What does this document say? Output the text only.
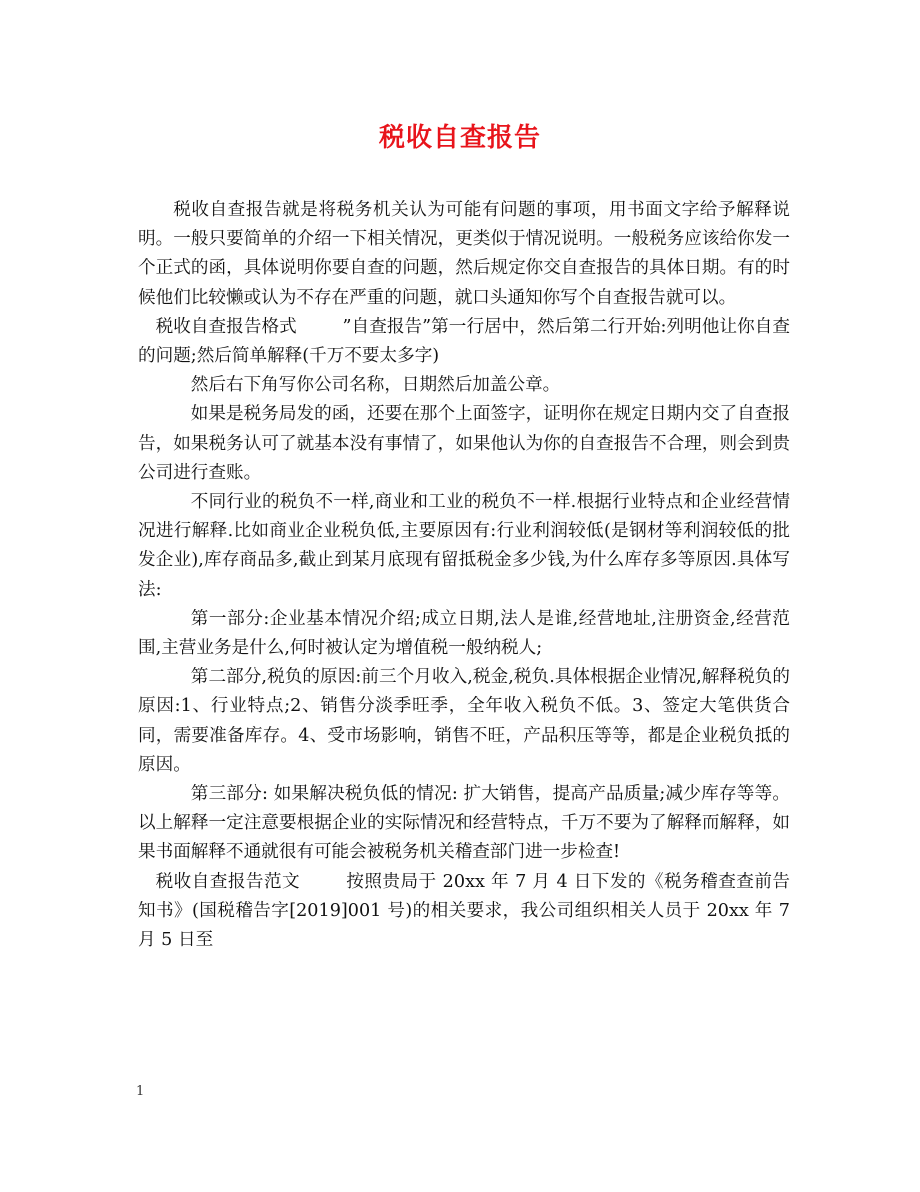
税收自查报告

税收自查报告就是将税务机关认为可能有问题的事项，用书面文字给予解释说明。一般只要简单的介绍一下相关情况，更类似于情况说明。一般税务应该给你发一个正式的函，具体说明你要自查的问题，然后规定你交自查报告的具体日期。有的时候他们比较懒或认为不存在严重的问题，就口头通知你写个自查报告就可以。

税收自查报告格式	”自查报告”第一行居中，然后第二行开始:列明他让你自查的问题;然后简单解释(千万不要太多字)

然后右下角写你公司名称，日期然后加盖公章。

如果是税务局发的函，还要在那个上面签字，证明你在规定日期内交了自查报告，如果税务认可了就基本没有事情了，如果他认为你的自查报告不合理，则会到贵公司进行查账。

不同行业的税负不一样,商业和工业的税负不一样.根据行业特点和企业经营情况进行解释.比如商业企业税负低,主要原因有:行业利润较低(是钢材等利润较低的批发企业),库存商品多,截止到某月底现有留抵税金多少钱,为什么库存多等原因.具体写法:

第一部分:企业基本情况介绍;成立日期,法人是谁,经营地址,注册资金,经营范围,主营业务是什么,何时被认定为增值税一般纳税人;

第二部分,税负的原因:前三个月收入,税金,税负.具体根据企业情况,解释税负的原因:1、行业特点;2、销售分淡季旺季，全年收入税负不低。3、签定大笔供货合同，需要准备库存。4、受市场影响，销售不旺，产品积压等等，都是企业税负抵的原因。

第三部分: 如果解决税负低的情况: 扩大销售，提高产品质量;减少库存等等。以上解释一定注意要根据企业的实际情况和经营特点，千万不要为了解释而解释，如果书面解释不通就很有可能会被税务机关稽查部门进一步检查!

税收自查报告范文	按照贵局于 20xx 年 7 月 4 日下发的《税务稽查查前告知书》(国税稽告字[2019]001 号)的相关要求，我公司组织相关人员于 20xx 年 7 月 5 日至

1
